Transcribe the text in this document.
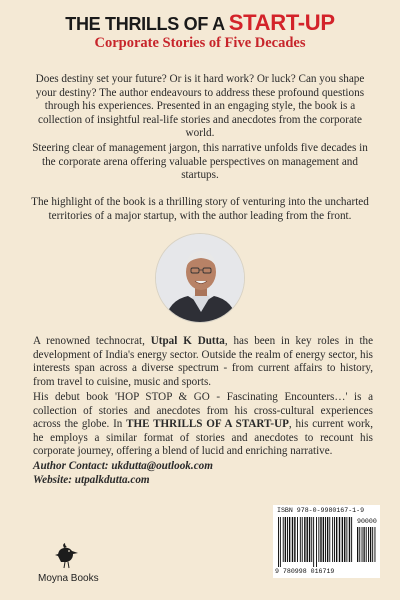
THE THRILLS OF A START-UP
Corporate Stories of Five Decades

Does destiny set your future? Or is it hard work? Or luck? Can you shape your destiny? The author endeavours to address these profound questions through his experiences. Presented in an engaging style, the book is a collection of insightful real-life stories and anecdotes from the corporate world.

Steering clear of management jargon, this narrative unfolds five decades in the corporate arena offering valuable perspectives on management and startups.

The highlight of the book is a thrilling story of venturing into the uncharted territories of a major startup, with the author leading from the front.

A renowned technocrat, Utpal K Dutta, has been in key roles in the development of India's energy sector. Outside the realm of energy sector, his interests span across a diverse spectrum - from current affairs to history, from travel to cuisine, music and sports.

His debut book 'HOP STOP & GO - Fascinating Encounters…' is a collection of stories and anecdotes from his cross-cultural experiences across the globe. In THE THRILLS OF A START-UP, his current work, he employs a similar format of stories and anecdotes to recount his corporate journey, offering a blend of lucid and enriching narrative.

Author Contact: ukdutta@outlook.com
Website: utpalkdutta.com
ISBN 978-0-9980167-1-9
90000
9 780998 016719
Moyna Books
